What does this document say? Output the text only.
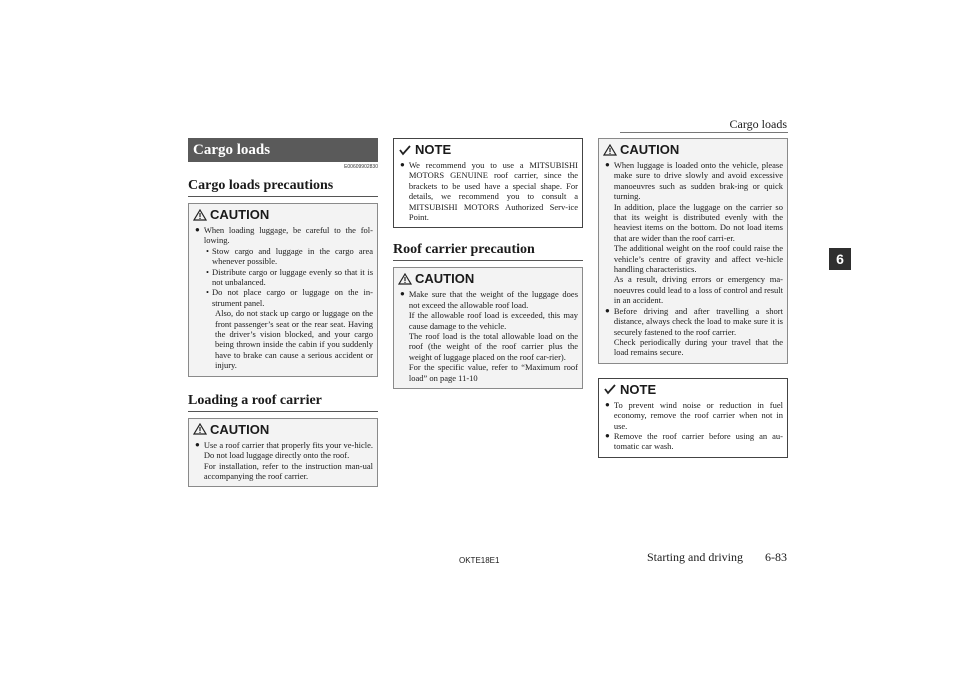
Cargo loads
6
Cargo loads
E00609902830
Cargo loads precautions
CAUTION
● When loading luggage, be careful to the fol-lowing.
• Stow cargo and luggage in the cargo area whenever possible.
• Distribute cargo or luggage evenly so that it is not unbalanced.
• Do not place cargo or luggage on the in-strument panel.
Also, do not stack up cargo or luggage on the front passenger’s seat or the rear seat. Having the driver’s vision blocked, and your cargo being thrown inside the cabin if you suddenly have to brake can cause a serious accident or injury.
Loading a roof carrier
CAUTION
● Use a roof carrier that properly fits your ve-hicle. Do not load luggage directly onto the roof.
For installation, refer to the instruction man-ual accompanying the roof carrier.
NOTE
● We recommend you to use a MITSUBISHI MOTORS GENUINE roof carrier, since the brackets to be used have a special shape. For details, we recommend you to consult a MITSUBISHI MOTORS Authorized Serv-ice Point.
Roof carrier precaution
CAUTION
● Make sure that the weight of the luggage does not exceed the allowable roof load.
If the allowable roof load is exceeded, this may cause damage to the vehicle.
The roof load is the total allowable load on the roof (the weight of the roof carrier plus the weight of luggage placed on the roof car-rier).
For the specific value, refer to “Maximum roof load” on page 11-10
CAUTION
● When luggage is loaded onto the vehicle, please make sure to drive slowly and avoid excessive manoeuvres such as sudden brak-ing or quick turning.
In addition, place the luggage on the carrier so that its weight is distributed evenly with the heaviest items on the bottom. Do not load items that are wider than the roof carri-er.
The additional weight on the roof could raise the vehicle’s centre of gravity and affect ve-hicle handling characteristics.
As a result, driving errors or emergency ma-noeuvres could lead to a loss of control and result in an accident.
● Before driving and after travelling a short distance, always check the load to make sure it is securely fastened to the roof carrier.
Check periodically during your travel that the load remains secure.
NOTE
● To prevent wind noise or reduction in fuel economy, remove the roof carrier when not in use.
● Remove the roof carrier before using an au-tomatic car wash.
OKTE18E1	Starting and driving 6-83
